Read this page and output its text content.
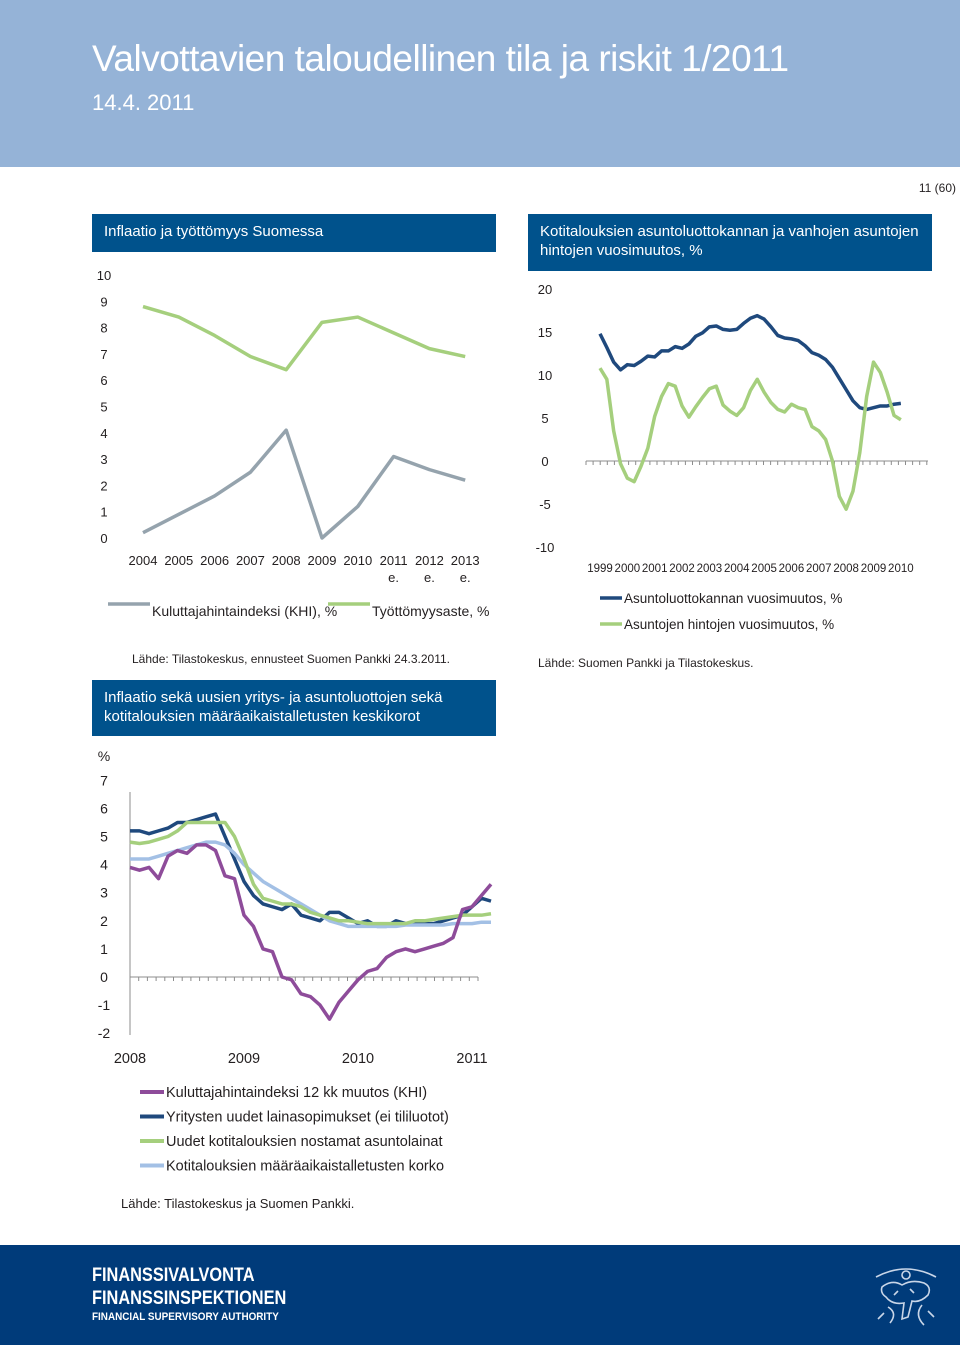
Valvottavien taloudellinen tila ja riskit 1/2011
14.4. 2011
11 (60)
Inflaatio ja työttömyys Suomessa	Kotitalouksien asuntoluottokannan ja vanhojen asuntojen hintojen vuosimuutos, %
Inflaatio sekä uusien yritys- ja asuntoluottojen sekä kotitalouksien määräaikaistalletusten keskikorot
0
1
2
3
4
5
6
7
8
9
10
2004 2005 2006 2007 2008 2009 2010 2011
e.
2012
e.
2013
e.
Kuluttajahintaindeksi (KHI), % Työttömyysaste, %
-10
-5
0
5
10
15
20
1999 2000 2001 2002 2003 2004 2005 2006 2007 2008 2009 2010
Asuntoluottokannan vuosimuutos, %
Asuntojen hintojen vuosimuutos, %
%
-2
-1
0
1
2
3
4
5
6
7
2008	2009	2010	2011
Kuluttajahintaindeksi 12 kk muutos (KHI)
Yritysten uudet lainasopimukset (ei tililuotot)
Uudet kotitalouksien nostamat asuntolainat
Kotitalouksien määräaikaistalletusten korko
Lähde: Tilastokeskus, ennusteet Suomen Pankki 24.3.2011.	Lähde: Suomen Pankki ja Tilastokeskus.
Lähde: Tilastokeskus ja Suomen Pankki.
FINANSSIVALVONTA
FINANSSINSPEKTIONEN
FINANCIAL SUPERVISORY AUTHORITY
